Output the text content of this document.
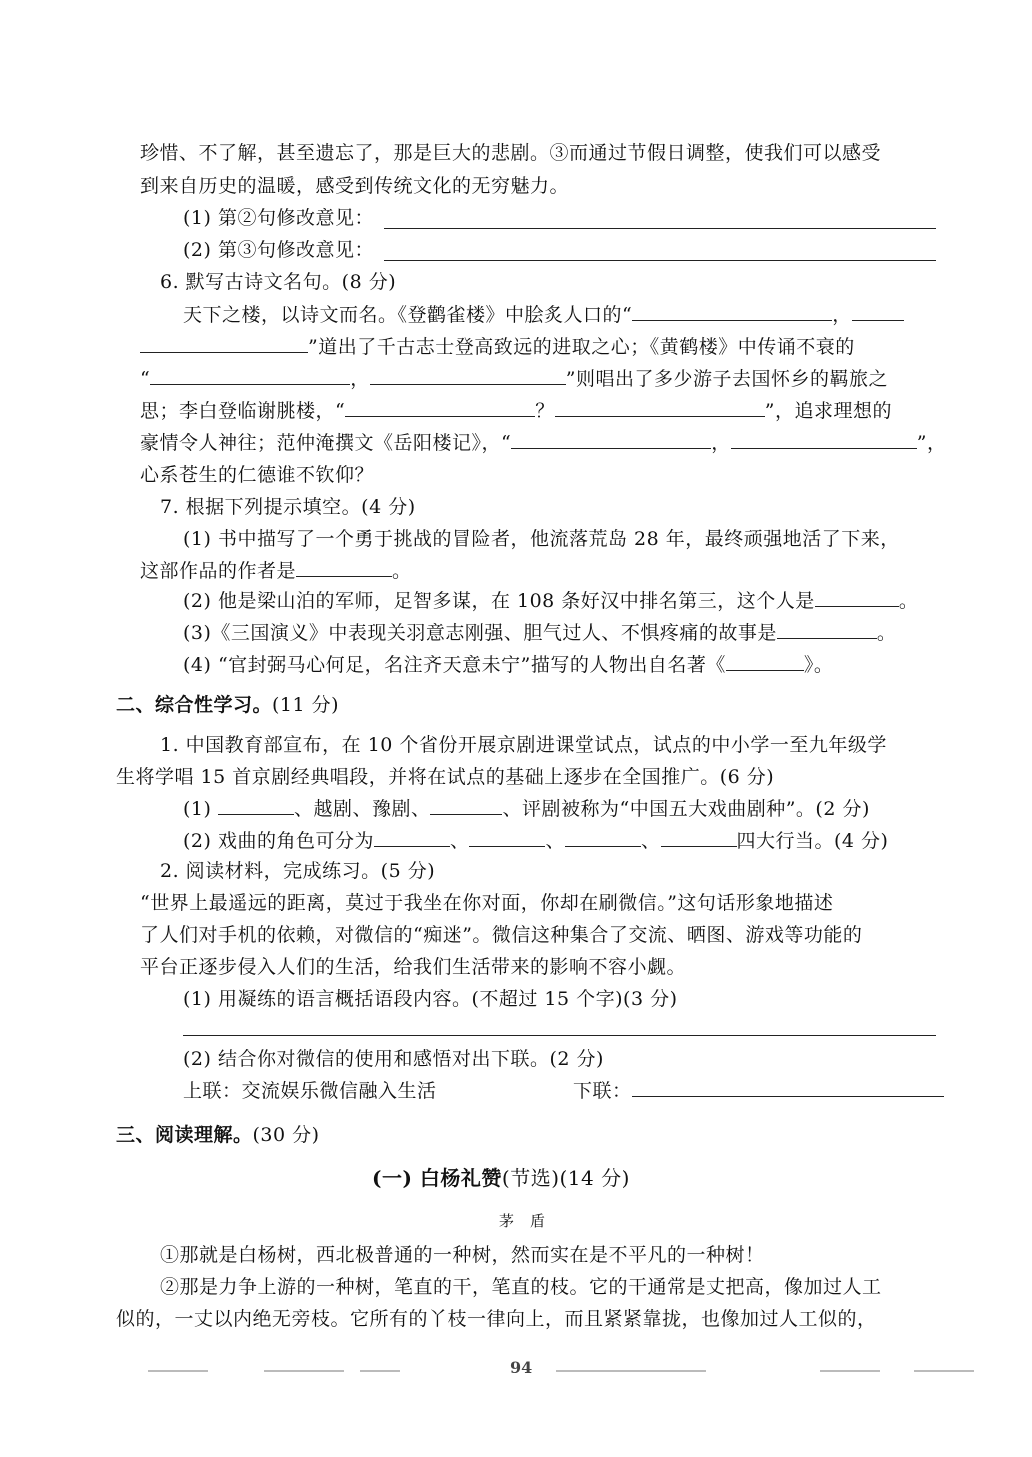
珍惜、不了解，甚至遗忘了，那是巨大的悲剧。③而通过节假日调整，使我们可以感受
到来自历史的温暖，感受到传统文化的无穷魅力。
(1) 第②句修改意见：
(2) 第③句修改意见：
6. 默写古诗文名句。(8 分)
天下之楼，以诗文而名。《登鹳雀楼》中脍炙人口的“	，
”道出了千古志士登高致远的进取之心；《黄鹤楼》中传诵不衰的
“	，	”则唱出了多少游子去国怀乡的羁旅之
思；李白登临谢朓楼，“	？	”，追求理想的
豪情令人神往；范仲淹撰文《岳阳楼记》，“	，	”，
心系苍生的仁德谁不钦仰？
7. 根据下列提示填空。(4 分)
(1) 书中描写了一个勇于挑战的冒险者，他流落荒岛 28 年，最终顽强地活了下来，
这部作品的作者是	。
(2) 他是梁山泊的军师，足智多谋，在 108 条好汉中排名第三，这个人是	。
(3)《三国演义》中表现关羽意志刚强、胆气过人、不惧疼痛的故事是	。
(4) “官封弼马心何足，名注齐天意未宁”描写的人物出自名著《	》。
二、综合性学习。(11 分)
1. 中国教育部宣布，在 10 个省份开展京剧进课堂试点，试点的中小学一至九年级学
生将学唱 15 首京剧经典唱段，并将在试点的基础上逐步在全国推广。(6 分)
(1)	、越剧、豫剧、	、评剧被称为“中国五大戏曲剧种”。(2 分)
(2) 戏曲的角色可分为	、	、	、	四大行当。(4 分)
2. 阅读材料，完成练习。(5 分)
“世界上最遥远的距离，莫过于我坐在你对面，你却在刷微信。”这句话形象地描述
了人们对手机的依赖，对微信的“痴迷”。微信这种集合了交流、晒图、游戏等功能的
平台正逐步侵入人们的生活，给我们生活带来的影响不容小觑。
(1) 用凝练的语言概括语段内容。(不超过 15 个字)(3 分)
(2) 结合你对微信的使用和感悟对出下联。(2 分)
上联：交流娱乐微信融入生活	下联：
三、阅读理解。(30 分)
(一) 白杨礼赞(节选)(14 分)
茅　盾
①那就是白杨树，西北极普通的一种树，然而实在是不平凡的一种树！
②那是力争上游的一种树，笔直的干，笔直的枝。它的干通常是丈把高，像加过人工
似的，一丈以内绝无旁枝。它所有的丫枝一律向上，而且紧紧靠拢，也像加过人工似的，
94
